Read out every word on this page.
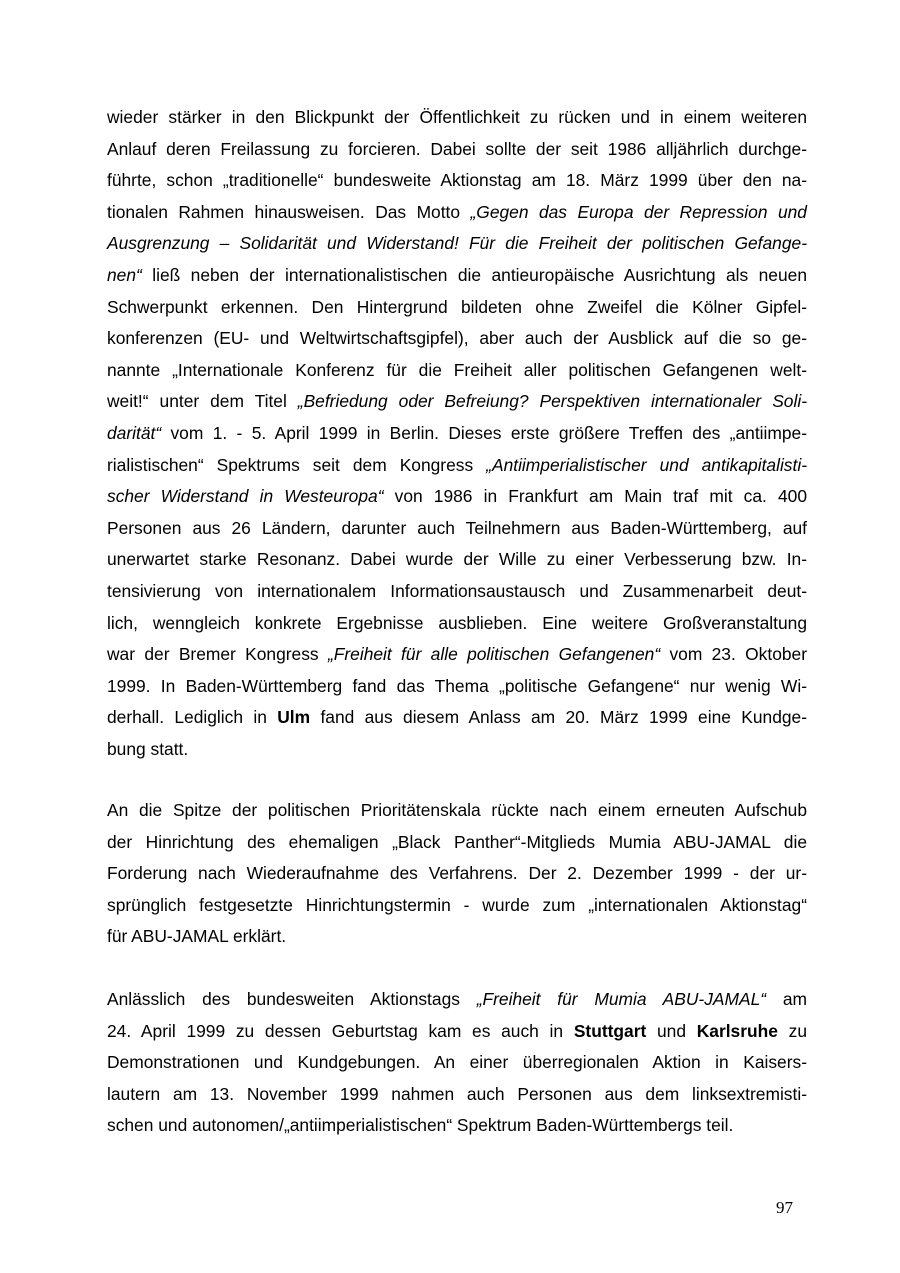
wieder stärker in den Blickpunkt der Öffentlichkeit zu rücken und in einem weiteren
Anlauf deren Freilassung zu forcieren. Dabei sollte der seit 1986 alljährlich durchge-
führte, schon „traditionelle“ bundesweite Aktionstag am 18. März 1999 über den na-
tionalen Rahmen hinausweisen. Das Motto „Gegen das Europa der Repression und
Ausgrenzung – Solidarität und Widerstand! Für die Freiheit der politischen Gefange-
nen“ ließ neben der internationalistischen die antieuropäische Ausrichtung als neuen
Schwerpunkt erkennen. Den Hintergrund bildeten ohne Zweifel die Kölner Gipfel-
konferenzen (EU- und Weltwirtschaftsgipfel), aber auch der Ausblick auf die so ge-
nannte „Internationale Konferenz für die Freiheit aller politischen Gefangenen welt-
weit!“ unter dem Titel „Befriedung oder Befreiung? Perspektiven internationaler Soli-
darität“ vom 1. - 5. April 1999 in Berlin. Dieses erste größere Treffen des „antiimpe-
rialistischen“ Spektrums seit dem Kongress „Antiimperialistischer und antikapitalisti-
scher Widerstand in Westeuropa“ von 1986 in Frankfurt am Main traf mit ca. 400
Personen aus 26 Ländern, darunter auch Teilnehmern aus Baden-Württemberg, auf
unerwartet starke Resonanz. Dabei wurde der Wille zu einer Verbesserung bzw. In-
tensivierung von internationalem Informationsaustausch und Zusammenarbeit deut-
lich, wenngleich konkrete Ergebnisse ausblieben. Eine weitere Großveranstaltung
war der Bremer Kongress „Freiheit für alle politischen Gefangenen“ vom 23. Oktober
1999. In Baden-Württemberg fand das Thema „politische Gefangene“ nur wenig Wi-
derhall. Lediglich in Ulm fand aus diesem Anlass am 20. März 1999 eine Kundge-
bung statt.
An die Spitze der politischen Prioritätenskala rückte nach einem erneuten Aufschub
der Hinrichtung des ehemaligen „Black Panther“-Mitglieds Mumia ABU-JAMAL die
Forderung nach Wiederaufnahme des Verfahrens. Der 2. Dezember 1999 - der ur-
sprünglich festgesetzte Hinrichtungstermin - wurde zum „internationalen Aktionstag“
für ABU-JAMAL erklärt.
Anlässlich des bundesweiten Aktionstags „Freiheit für Mumia ABU-JAMAL“ am
24. April 1999 zu dessen Geburtstag kam es auch in Stuttgart und Karlsruhe zu
Demonstrationen und Kundgebungen. An einer überregionalen Aktion in Kaisers-
lautern am 13. November 1999 nahmen auch Personen aus dem linksextremisti-
schen und autonomen/„antiimperialistischen“ Spektrum Baden-Württembergs teil.
97
